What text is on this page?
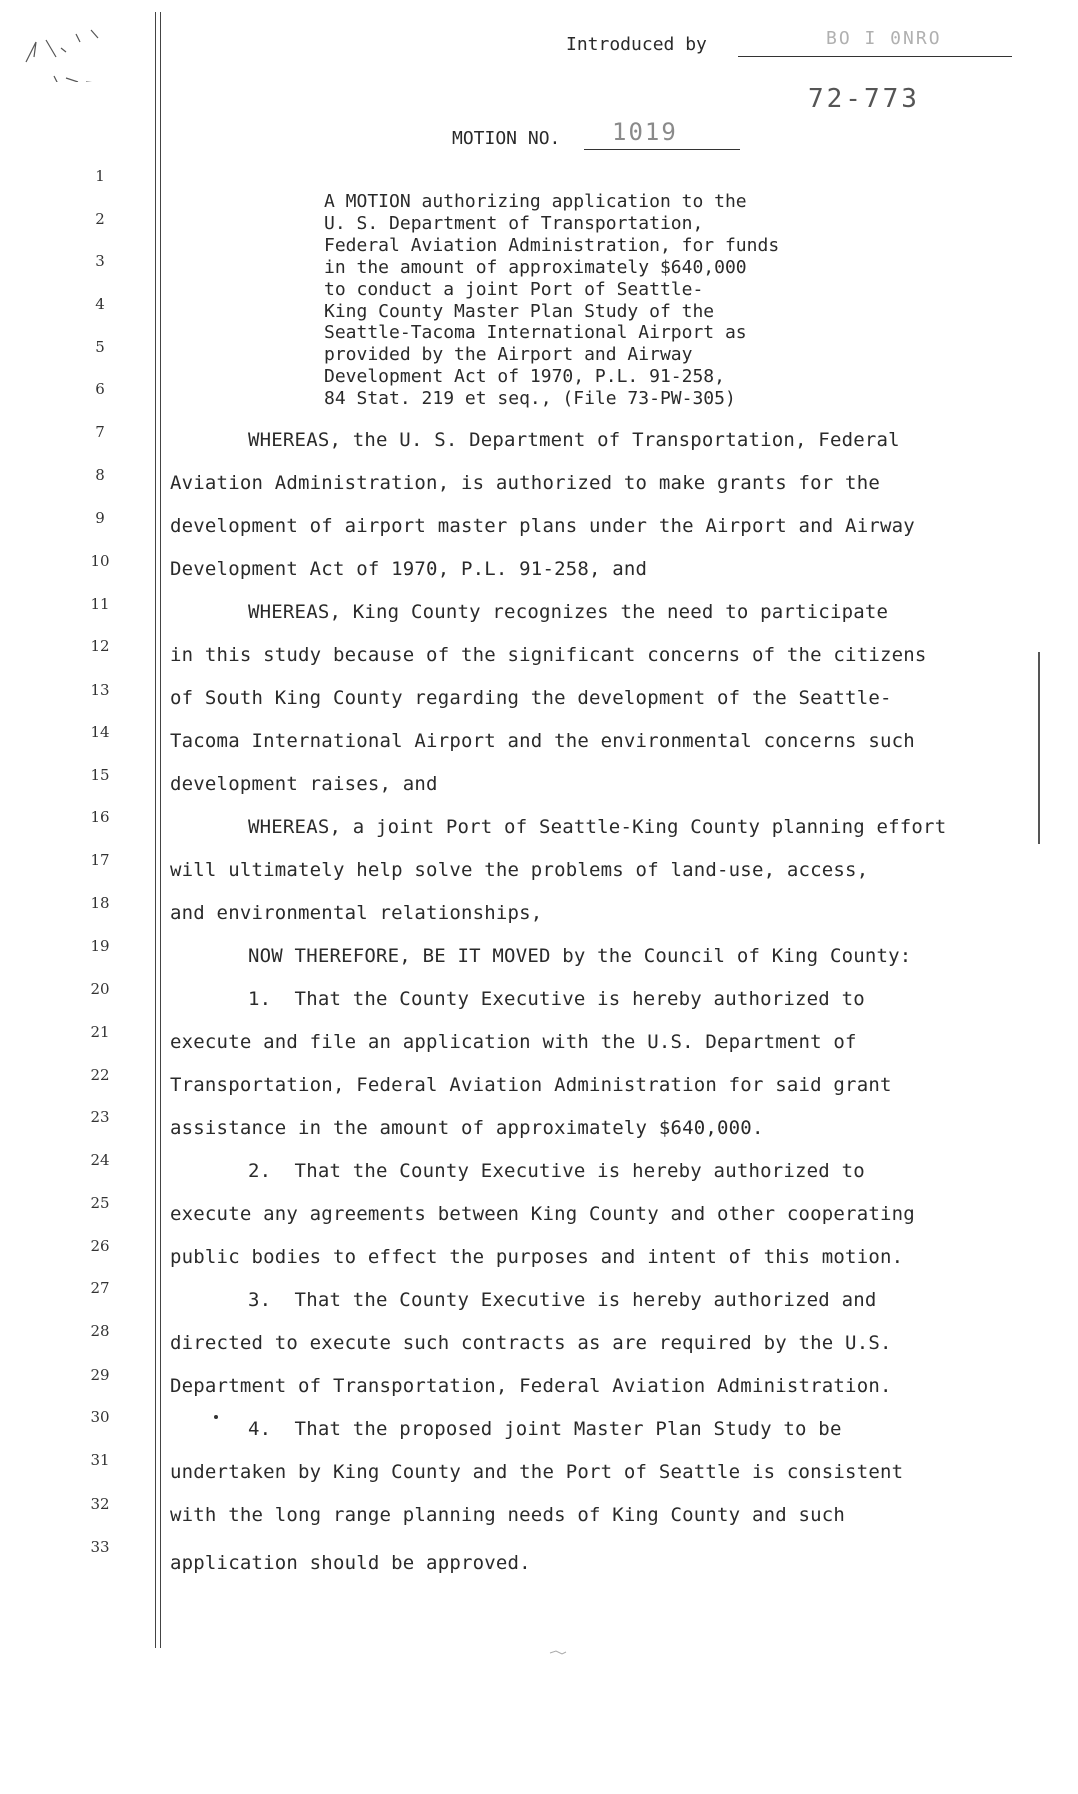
1
2
3
4
5
6
7
8
9
10
11
12
13
14
15
16
17
18
19
20
21
22
23
24
25
26
27
28
29
30
31
32
33
Introduced by	BO I 0NRO
72-773
MOTION NO. 1019
A MOTION authorizing application to the
U. S. Department of Transportation,
Federal Aviation Administration, for funds
in the amount of approximately $640,000
to conduct a joint Port of Seattle-
King County Master Plan Study of the
Seattle-Tacoma International Airport as
provided by the Airport and Airway
Development Act of 1970, P.L. 91-258,
84 Stat. 219 et seq., (File 73-PW-305)
WHEREAS, the U. S. Department of Transportation, Federal
Aviation Administration, is authorized to make grants for the
development of airport master plans under the Airport and Airway
Development Act of 1970, P.L. 91-258, and
WHEREAS, King County recognizes the need to participate
in this study because of the significant concerns of the citizens
of South King County regarding the development of the Seattle-
Tacoma International Airport and the environmental concerns such
development raises, and
WHEREAS, a joint Port of Seattle-King County planning effort
will ultimately help solve the problems of land-use, access,
and environmental relationships,
NOW THEREFORE, BE IT MOVED by the Council of King County:
1.  That the County Executive is hereby authorized to
execute and file an application with the U.S. Department of
Transportation, Federal Aviation Administration for said grant
assistance in the amount of approximately $640,000.
2.  That the County Executive is hereby authorized to
execute any agreements between King County and other cooperating
public bodies to effect the purposes and intent of this motion.
3.  That the County Executive is hereby authorized and
directed to execute such contracts as are required by the U.S.
Department of Transportation, Federal Aviation Administration.
4.  That the proposed joint Master Plan Study to be
undertaken by King County and the Port of Seattle is consistent
with the long range planning needs of King County and such
application should be approved.
